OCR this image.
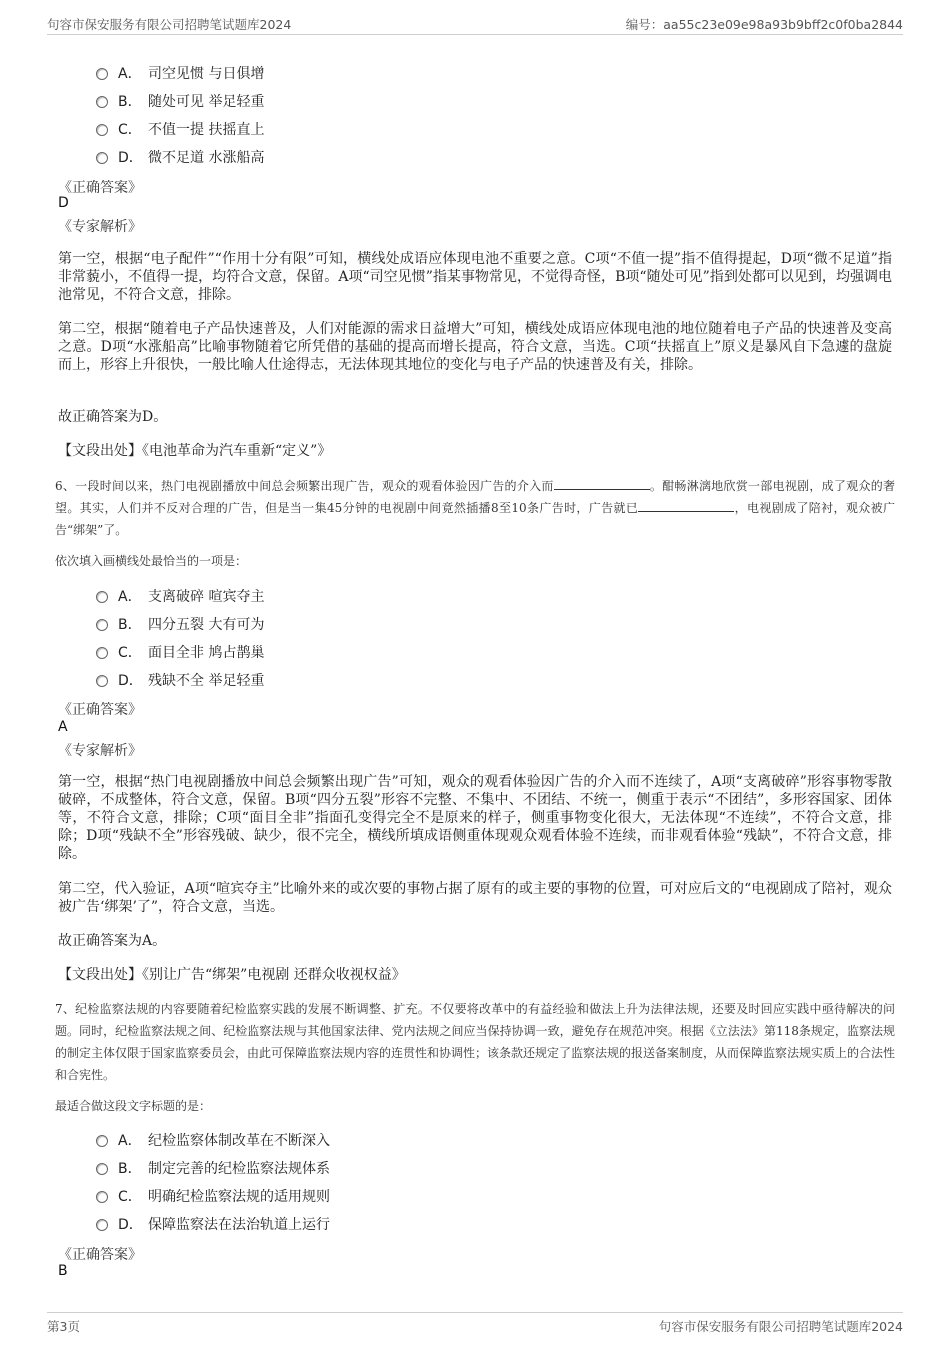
句容市保安服务有限公司招聘笔试题库2024	编号：aa55c23e09e98a93b9bff2c0f0ba2844
A． 司空见惯 与日俱增
B． 随处可见 举足轻重
C． 不值一提 扶摇直上
D． 微不足道 水涨船高
《正确答案》
D
《专家解析》
第一空，根据“电子配件”“作用十分有限”可知，横线处成语应体现电池不重要之意。C项“不值一提”指不值得提起，D项“微不足道”指非常藐小，不值得一提，均符合文意，保留。A项“司空见惯”指某事物常见，不觉得奇怪，B项“随处可见”指到处都可以见到，均强调电池常见，不符合文意，排除。
第二空，根据“随着电子产品快速普及，人们对能源的需求日益增大”可知，横线处成语应体现电池的地位随着电子产品的快速普及变高之意。D项“水涨船高”比喻事物随着它所凭借的基础的提高而增长提高，符合文意，当选。C项“扶摇直上”原义是暴风自下急遽的盘旋而上，形容上升很快，一般比喻人仕途得志，无法体现其地位的变化与电子产品的快速普及有关，排除。
故正确答案为D。
【文段出处】《电池革命为汽车重新“定义”》
6、一段时间以来，热门电视剧播放中间总会频繁出现广告，观众的观看体验因广告的介入而	。酣畅淋漓地欣赏一部电视剧，成了观众的奢望。其实，人们并不反对合理的广告，但是当一集45分钟的电视剧中间竟然插播8至10条广告时，广告就已	，电视剧成了陪衬，观众被广告“绑架”了。
依次填入画横线处最恰当的一项是：
A． 支离破碎 喧宾夺主
B． 四分五裂 大有可为
C． 面目全非 鸠占鹊巢
D． 残缺不全 举足轻重
《正确答案》
A
《专家解析》
第一空，根据“热门电视剧播放中间总会频繁出现广告”可知，观众的观看体验因广告的介入而不连续了，A项“支离破碎”形容事物零散破碎，不成整体，符合文意，保留。B项“四分五裂”形容不完整、不集中、不团结、不统一，侧重于表示“不团结”，多形容国家、团体等，不符合文意，排除；C项“面目全非”指面孔变得完全不是原来的样子，侧重事物变化很大，无法体现“不连续”，不符合文意，排除；D项“残缺不全”形容残破、缺少，很不完全，横线所填成语侧重体现观众观看体验不连续，而非观看体验“残缺”，不符合文意，排除。
第二空，代入验证，A项“喧宾夺主”比喻外来的或次要的事物占据了原有的或主要的事物的位置，可对应后文的“电视剧成了陪衬，观众被广告‘绑架’了”，符合文意，当选。
故正确答案为A。
【文段出处】《别让广告“绑架”电视剧 还群众收视权益》
7、纪检监察法规的内容要随着纪检监察实践的发展不断调整、扩充。不仅要将改革中的有益经验和做法上升为法律法规，还要及时回应实践中亟待解决的问题。同时，纪检监察法规之间、纪检监察法规与其他国家法律、党内法规之间应当保持协调一致，避免存在规范冲突。根据《立法法》第118条规定，监察法规的制定主体仅限于国家监察委员会，由此可保障监察法规内容的连贯性和协调性；该条款还规定了监察法规的报送备案制度，从而保障监察法规实质上的合法性和合宪性。
最适合做这段文字标题的是：
A． 纪检监察体制改革在不断深入
B． 制定完善的纪检监察法规体系
C． 明确纪检监察法规的适用规则
D． 保障监察法在法治轨道上运行
《正确答案》
B
第3页	句容市保安服务有限公司招聘笔试题库2024
